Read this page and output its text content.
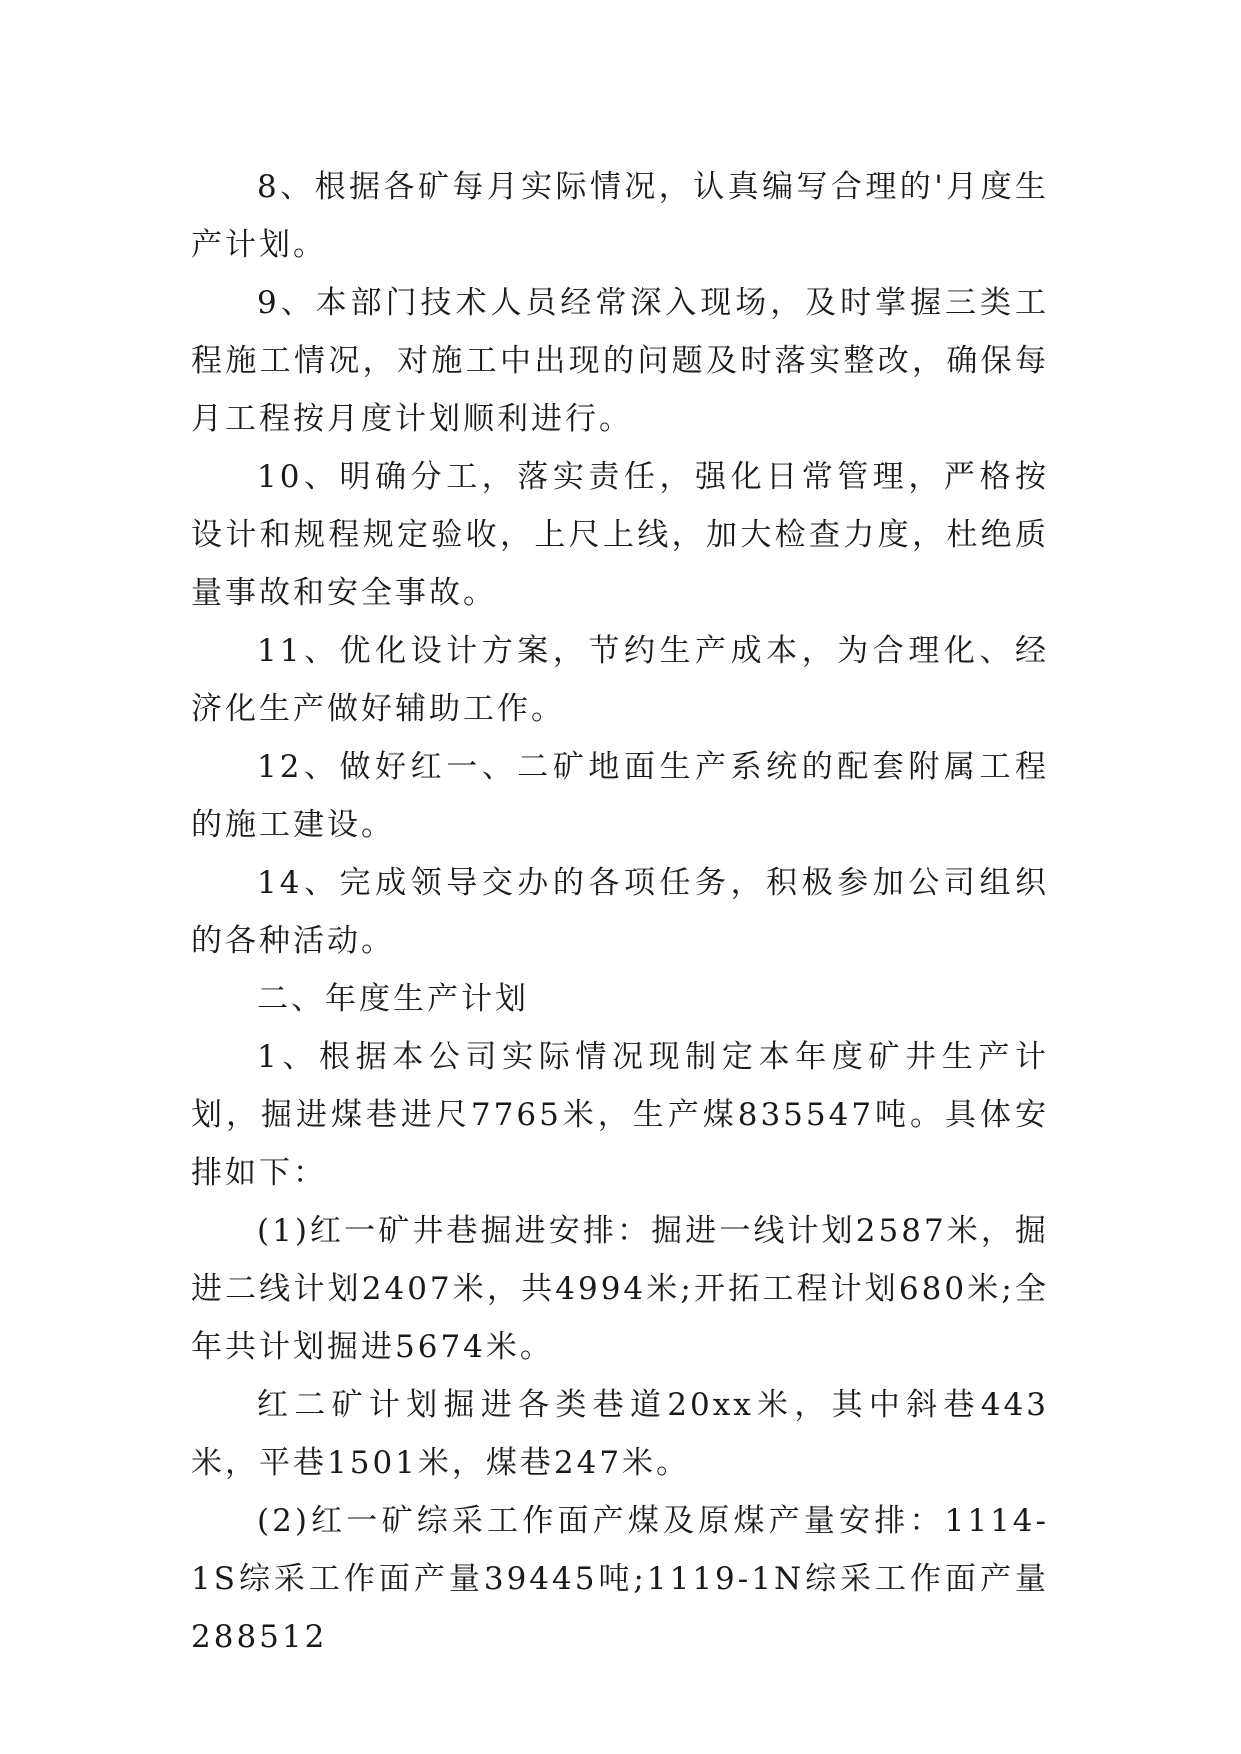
8、根据各矿每月实际情况，认真编写合理的'月度生产计划。

9、本部门技术人员经常深入现场，及时掌握三类工程施工情况，对施工中出现的问题及时落实整改，确保每月工程按月度计划顺利进行。

10、明确分工，落实责任，强化日常管理，严格按设计和规程规定验收，上尺上线，加大检查力度，杜绝质量事故和安全事故。

11、优化设计方案，节约生产成本，为合理化、经济化生产做好辅助工作。

12、做好红一、二矿地面生产系统的配套附属工程的施工建设。

14、完成领导交办的各项任务，积极参加公司组织的各种活动。

二、年度生产计划

1、根据本公司实际情况现制定本年度矿井生产计划，掘进煤巷进尺7765米，生产煤835547吨。具体安排如下：

(1)红一矿井巷掘进安排：掘进一线计划2587米，掘进二线计划2407米，共4994米;开拓工程计划680米;全年共计划掘进5674米。

红二矿计划掘进各类巷道20xx米，其中斜巷443米，平巷1501米，煤巷247米。

(2)红一矿综采工作面产煤及原煤产量安排：1114-1S综采工作面产量39445吨;1119-1N综采工作面产量288512
